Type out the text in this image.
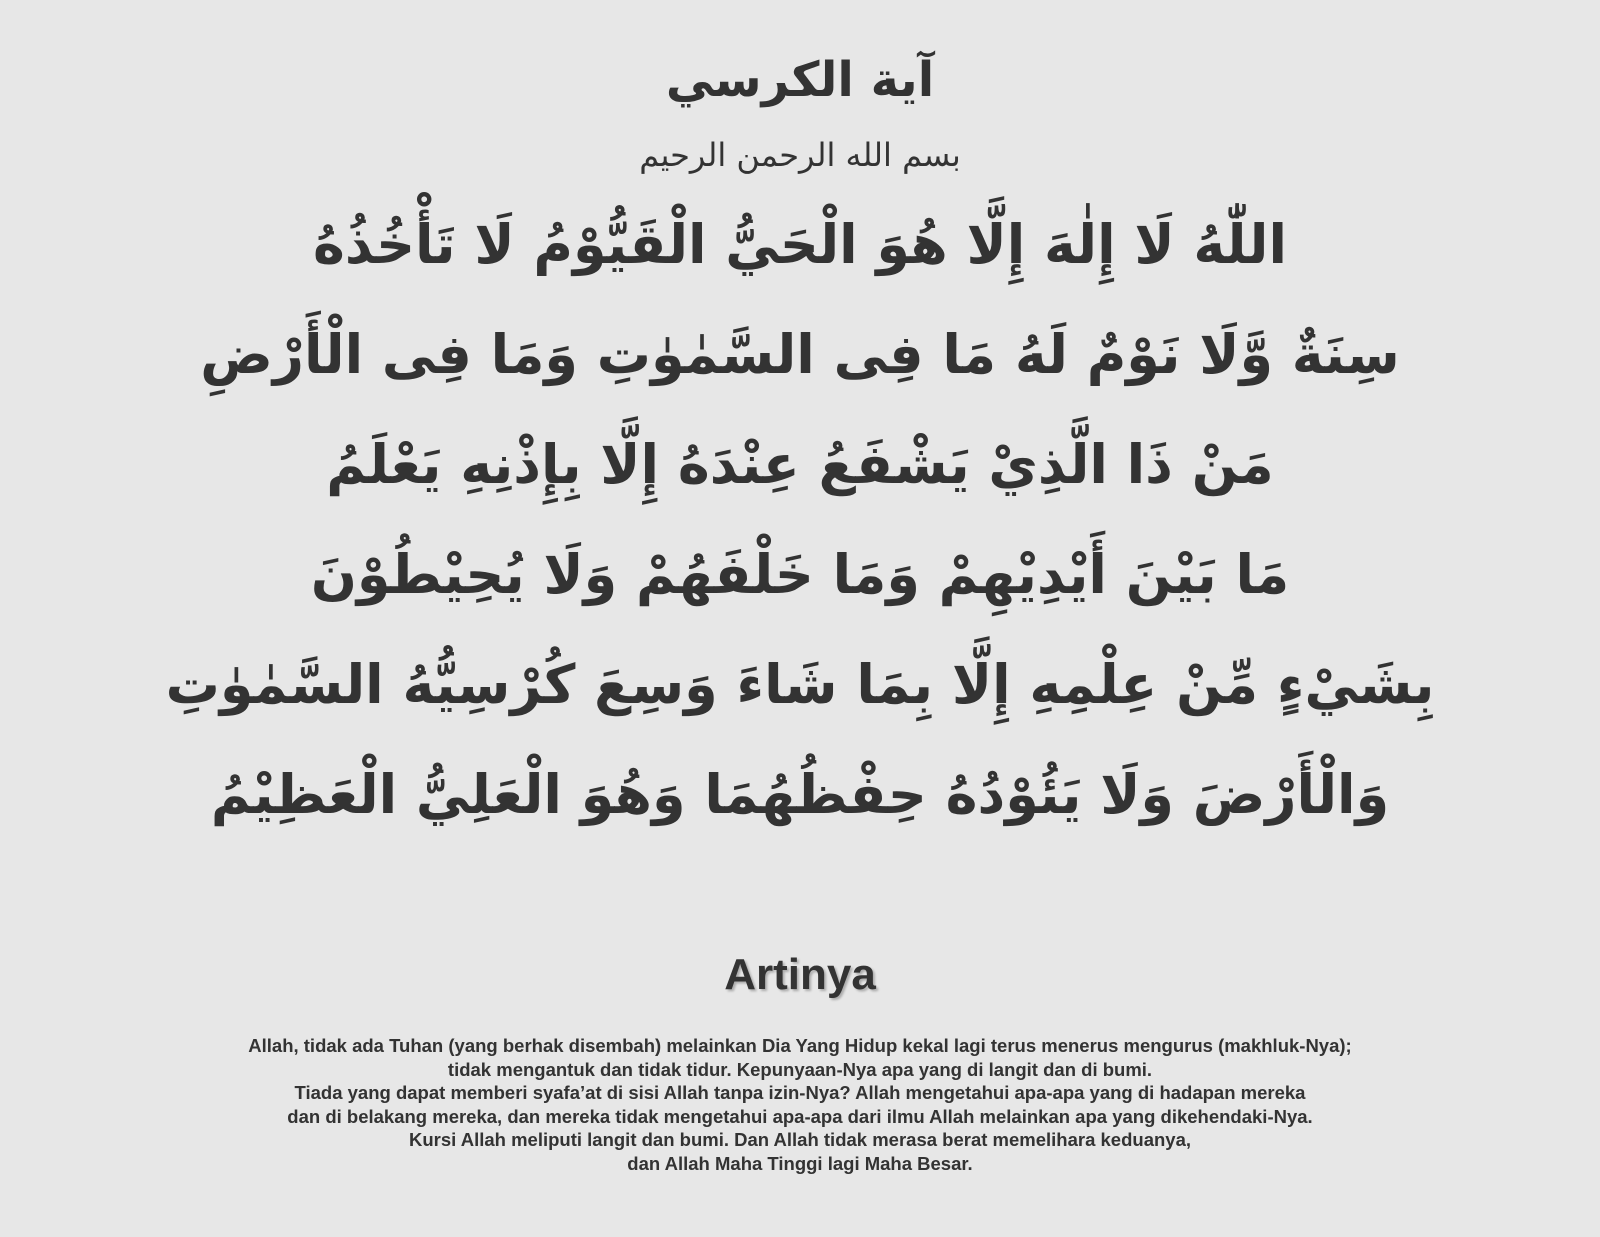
آية الكرسي
بسم الله الرحمن الرحيم
اللّٰهُ لَا إِلٰهَ إِلَّا هُوَ الْحَيُّ الْقَيُّوْمُ لَا تَأْخُذُهُ
سِنَةٌ وَّلَا نَوْمٌ لَهُ مَا فِى السَّمٰوٰتِ وَمَا فِى الْأَرْضِ
مَنْ ذَا الَّذِيْ يَشْفَعُ عِنْدَهُ إِلَّا بِإِذْنِهِ يَعْلَمُ
مَا بَيْنَ أَيْدِيْهِمْ وَمَا خَلْفَهُمْ وَلَا يُحِيْطُوْنَ
بِشَيْءٍ مِّنْ عِلْمِهِ إِلَّا بِمَا شَاءَ وَسِعَ كُرْسِيُّهُ السَّمٰوٰتِ
وَالْأَرْضَ وَلَا يَئُوْدُهُ حِفْظُهُمَا وَهُوَ الْعَلِيُّ الْعَظِيْمُ
Artinya
Allah, tidak ada Tuhan (yang berhak disembah) melainkan Dia Yang Hidup kekal lagi terus menerus mengurus (makhluk-Nya);
tidak mengantuk dan tidak tidur. Kepunyaan-Nya apa yang di langit dan di bumi.
Tiada yang dapat memberi syafa’at di sisi Allah tanpa izin-Nya? Allah mengetahui apa-apa yang di hadapan mereka
dan di belakang mereka, dan mereka tidak mengetahui apa-apa dari ilmu Allah melainkan apa yang dikehendaki-Nya.
Kursi Allah meliputi langit dan bumi. Dan Allah tidak merasa berat memelihara keduanya,
dan Allah Maha Tinggi lagi Maha Besar.
